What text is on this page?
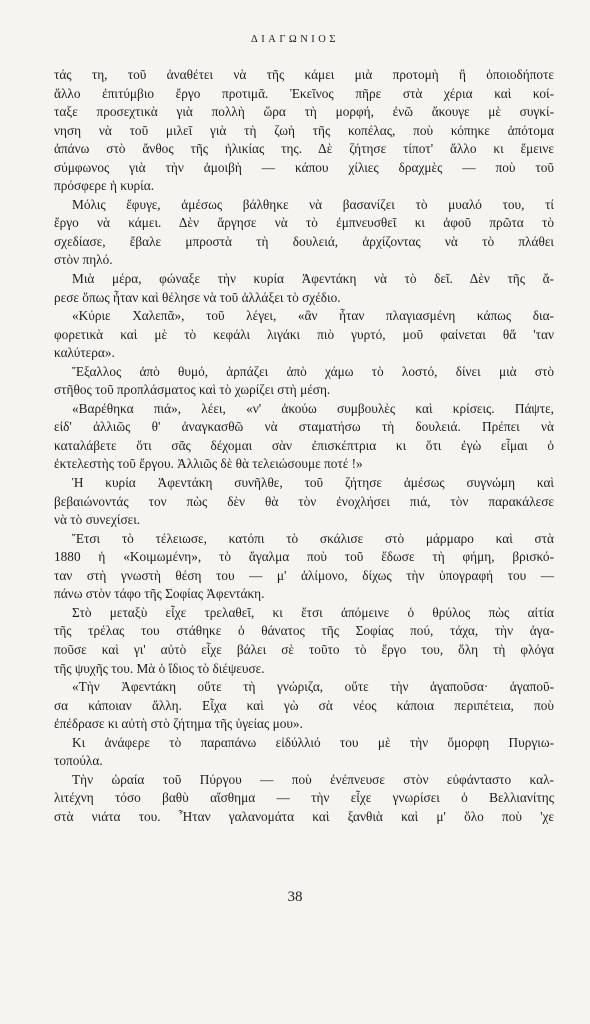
ΔΙΑΓΩΝΙΟΣ
τάς τη, τοῦ ἀναθέτει νὰ τῆς κάμει μιὰ προτομὴ ἢ ὁποιοδήποτε
ἄλλο ἐπιτύμβιο ἔργο προτιμᾶ. Ἐκεῖνος πῆρε στὰ χέρια καὶ κοί-
ταξε προσεχτικὰ γιὰ πολλὴ ὥρα τὴ μορφή, ἐνῶ ἄκουγε μὲ συγκί-
νηση νὰ τοῦ μιλεῖ γιὰ τὴ ζωὴ τῆς κοπέλας, ποὺ κόπηκε ἀπότομα
ἀπάνω στὸ ἄνθος τῆς ἡλικίας της. Δὲ ζήτησε τίποτ' ἄλλο κι ἔμεινε
σύμφωνος γιὰ τὴν ἀμοιβὴ — κάπου χίλιες δραχμὲς — ποὺ τοῦ
πρόσφερε ἡ κυρία.
Μόλις ἔφυγε, ἀμέσως βάλθηκε νὰ βασανίζει τὸ μυαλό του, τί
ἔργο νὰ κάμει. Δὲν ἄργησε νὰ τὸ ἐμπνευσθεῖ κι ἀφοῦ πρῶτα τὸ
σχεδίασε, ἔβαλε μπροστὰ τὴ δουλειά, ἀρχίζοντας νὰ τὸ πλάθει
στὸν πηλό.
Μιὰ μέρα, φώναξε τὴν κυρία Ἀφεντάκη νὰ τὸ δεῖ. Δὲν τῆς ἄ-
ρεσε ὅπως ἦταν καὶ θέλησε νὰ τοῦ ἀλλάξει τὸ σχέδιο.
«Κύριε Χαλεπᾶ», τοῦ λέγει, «ἂν ἦταν πλαγιασμένη κάπως δια-
φορετικὰ καὶ μὲ τὸ κεφάλι λιγάκι πιὸ γυρτό, μοῦ φαίνεται θἄ 'ταν
καλύτερα».
Ἔξαλλος ἀπὸ θυμό, ἁρπάζει ἀπὸ χάμω τὸ λοστό, δίνει μιὰ στὸ
στῆθος τοῦ προπλάσματος καὶ τὸ χωρίζει στὴ μέση.
«Βαρέθηκα πιά», λέει, «ν' ἀκούω συμβουλὲς καὶ κρίσεις. Πάψτε,
εἰδ' ἀλλιῶς θ' ἀναγκασθῶ νὰ σταματήσω τὴ δουλειά. Πρέπει νὰ
καταλάβετε ὅτι σᾶς δέχομαι σὰν ἐπισκέπτρια κι ὅτι ἐγὼ εἶμαι ὁ
ἐκτελεστὴς τοῦ ἔργου. Ἀλλιῶς δὲ θὰ τελειώσουμε ποτέ !»
Ἡ κυρία Ἀφεντάκη συνῆλθε, τοῦ ζήτησε ἀμέσως συγνώμη καὶ
βεβαιώνοντάς τον πὼς δὲν θὰ τὸν ἐνοχλήσει πιά, τὸν παρακάλεσε
νὰ τὸ συνεχίσει.
Ἔτσι τὸ τέλειωσε, κατόπι τὸ σκάλισε στὸ μάρμαρο καὶ στὰ
1880 ἡ «Κοιμωμένη», τὸ ἄγαλμα ποὺ τοῦ ἔδωσε τὴ φήμη, βρισκό-
ταν στὴ γνωστὴ θέση του — μ' ἀλίμονο, δίχως τὴν ὑπογραφή του —
πάνω στὸν τάφο τῆς Σοφίας Ἀφεντάκη.
Στὸ μεταξὺ εἶχε τρελαθεῖ, κι ἔτσι ἀπόμεινε ὁ θρύλος πὼς αἰτία
τῆς τρέλας του στάθηκε ὁ θάνατος τῆς Σοφίας πού, τάχα, τὴν ἀγα-
ποῦσε καὶ γι' αὐτὸ εἶχε βάλει σὲ τοῦτο τὸ ἔργο του, ὅλη τὴ φλόγα
τῆς ψυχῆς του. Μὰ ὁ ἴδιος τὸ διέψευσε.
«Τὴν Ἀφεντάκη οὔτε τὴ γνώριζα, οὔτε τὴν ἀγαποῦσα· ἀγαποῦ-
σα κάποιαν ἄλλη. Εἶχα καὶ γὼ σὰ νέος κάποια περιπέτεια, ποὺ
ἐπέδρασε κι αὐτὴ στὸ ζήτημα τῆς ὑγείας μου».
Κι ἀνάφερε τὸ παραπάνω εἰδύλλιό του μὲ τὴν ὄμορφη Πυργιω-
τοπούλα.
Τὴν ὡραία τοῦ Πύργου — ποὺ ἐνέπνευσε στὸν εὐφάνταστο καλ-
λιτέχνη τόσο βαθὺ αἴσθημα — τὴν εἶχε γνωρίσει ὁ Βελλιανίτης
στὰ νιάτα του. Ἦταν γαλανομάτα καὶ ξανθιὰ καὶ μ' ὅλο ποὺ 'χε
38
